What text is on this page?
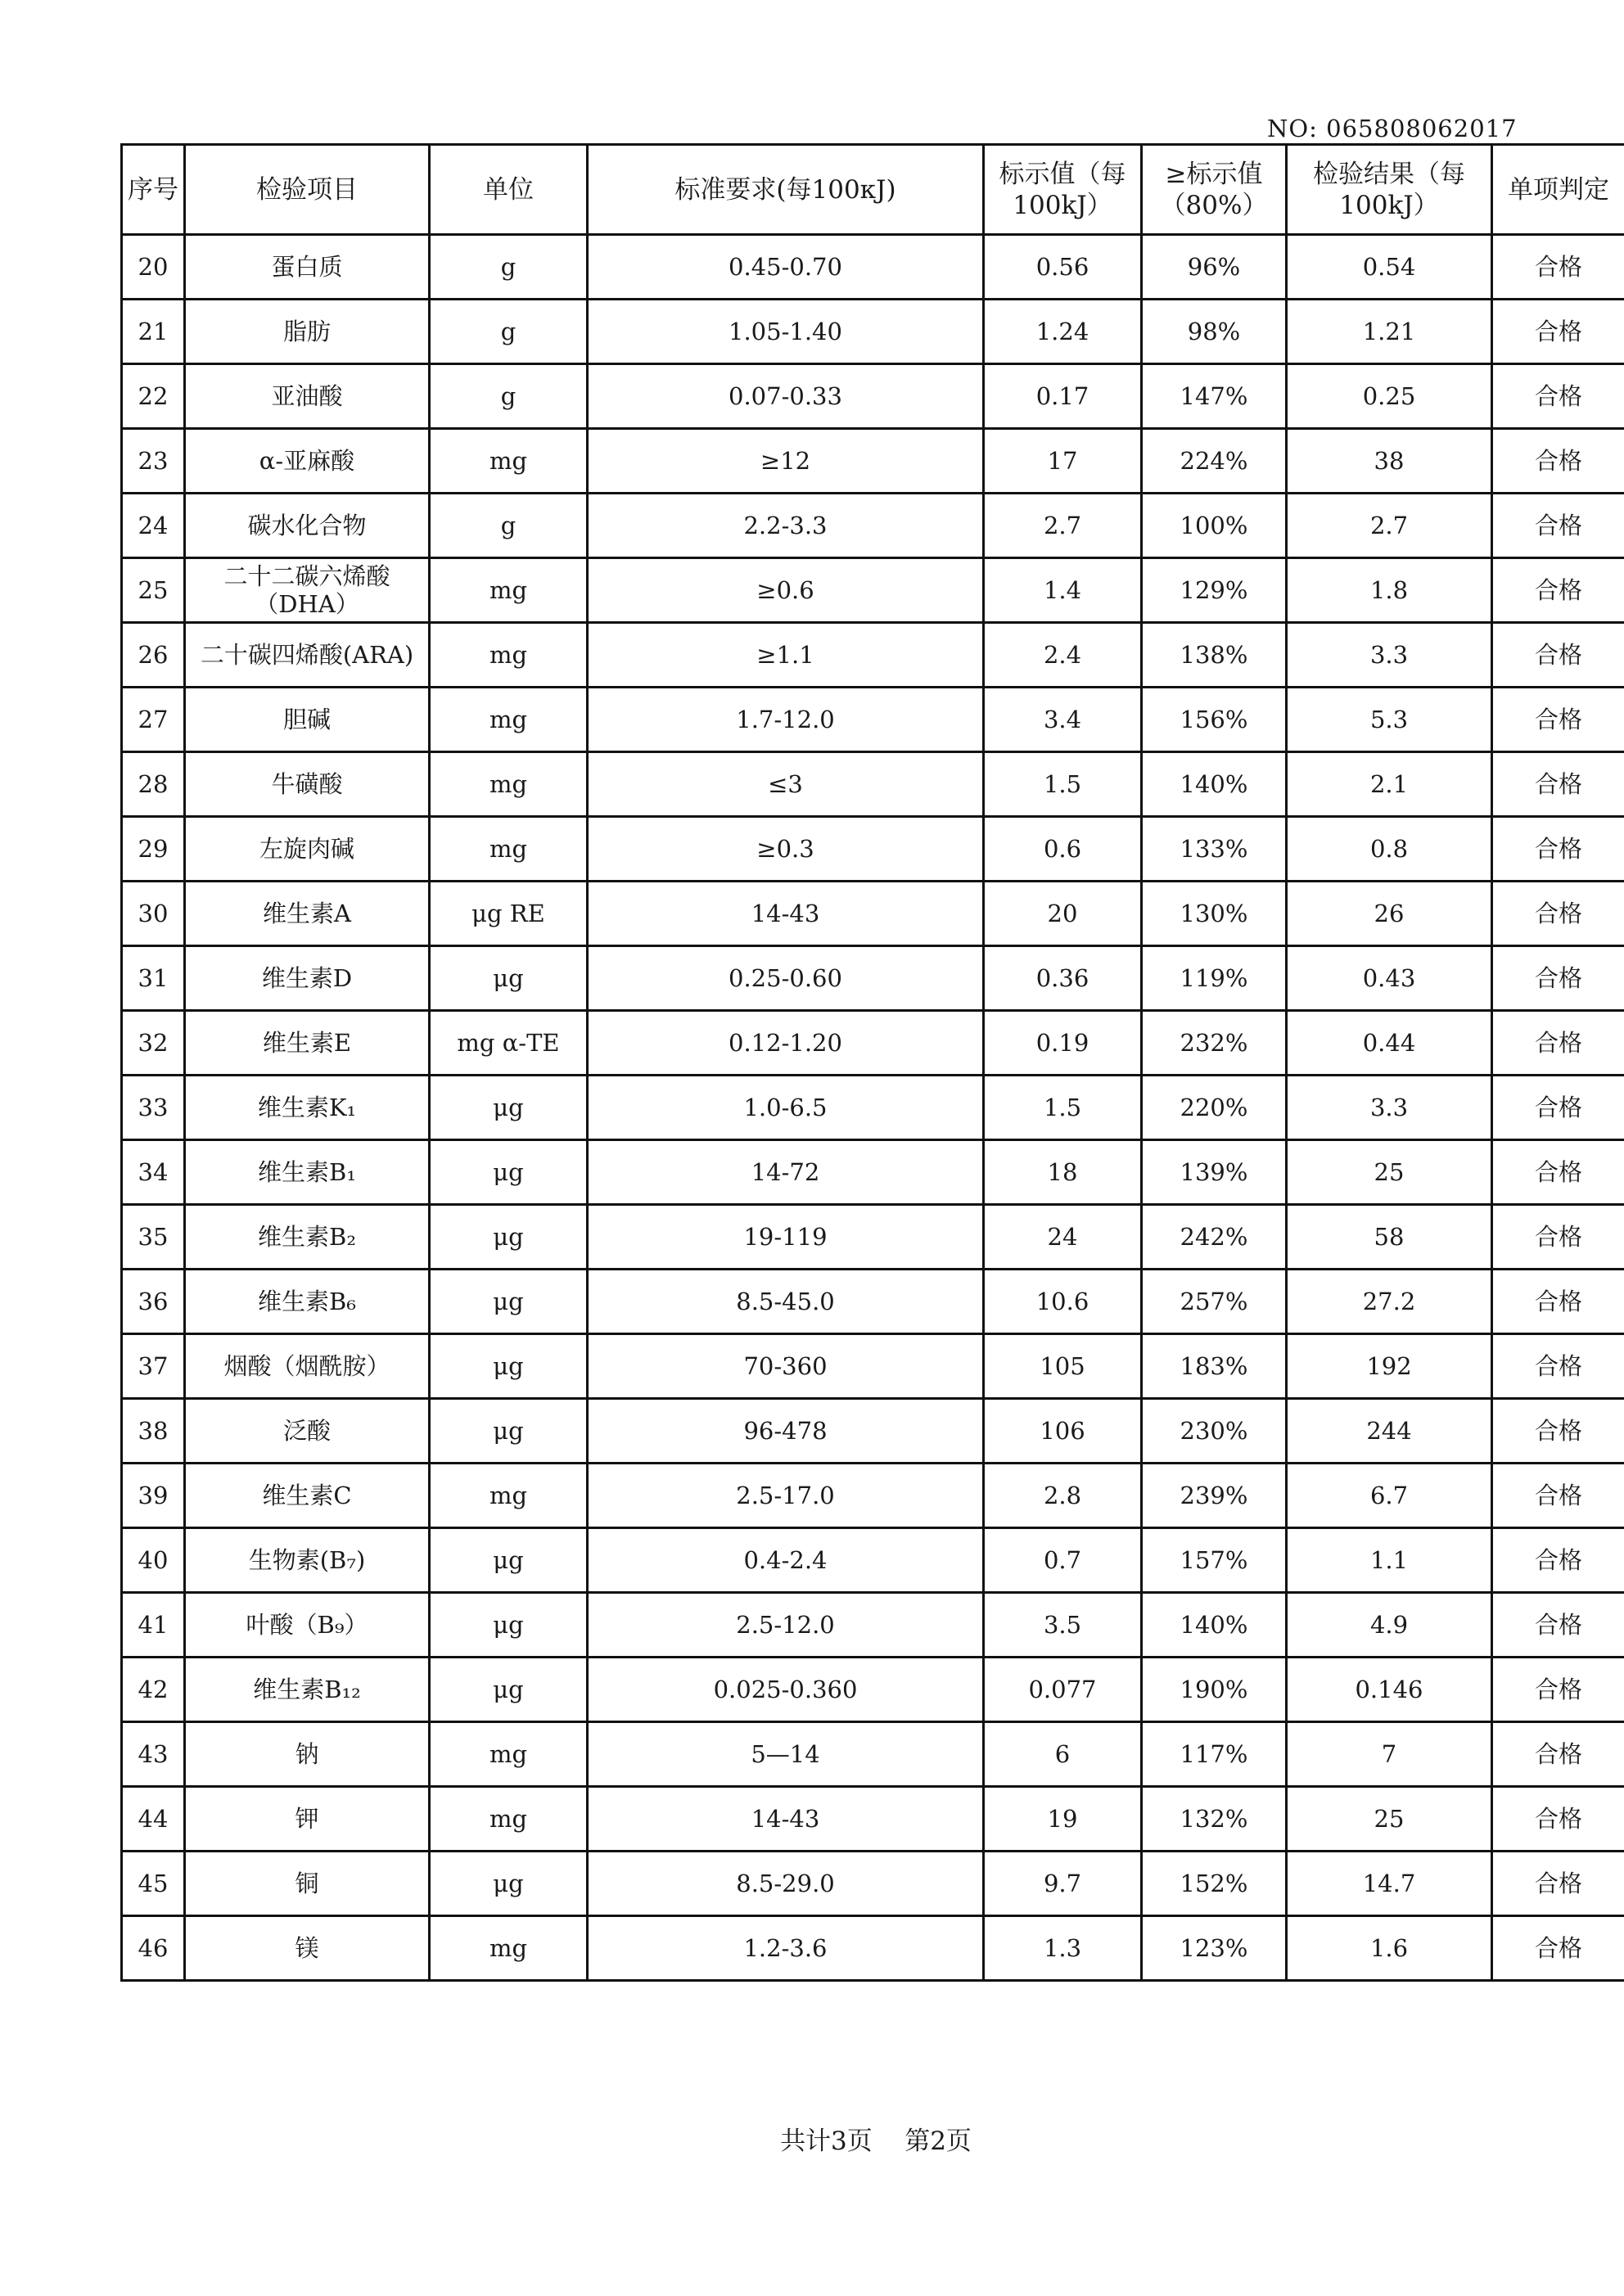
NO: 065808062017
序号	检验项目	单位	标准要求(每100κJ)	标示值（每100kJ）	≥标示值（80%）	检验结果（每100kJ）	单项判定
20	蛋白质	g	0.45-0.70	0.56	96%	0.54	合格
21	脂肪	g	1.05-1.40	1.24	98%	1.21	合格
22	亚油酸	g	0.07-0.33	0.17	147%	0.25	合格
23	α-亚麻酸	mg	≥12	17	224%	38	合格
24	碳水化合物	g	2.2-3.3	2.7	100%	2.7	合格
25	二十二碳六烯酸（DHA）	mg	≥0.6	1.4	129%	1.8	合格
26	二十碳四烯酸(ARA)	mg	≥1.1	2.4	138%	3.3	合格
27	胆碱	mg	1.7-12.0	3.4	156%	5.3	合格
28	牛磺酸	mg	≤3	1.5	140%	2.1	合格
29	左旋肉碱	mg	≥0.3	0.6	133%	0.8	合格
30	维生素A	μg RE	14-43	20	130%	26	合格
31	维生素D	μg	0.25-0.60	0.36	119%	0.43	合格
32	维生素E	mg α-TE	0.12-1.20	0.19	232%	0.44	合格
33	维生素K₁	μg	1.0-6.5	1.5	220%	3.3	合格
34	维生素B₁	μg	14-72	18	139%	25	合格
35	维生素B₂	μg	19-119	24	242%	58	合格
36	维生素B₆	μg	8.5-45.0	10.6	257%	27.2	合格
37	烟酸（烟酰胺）	μg	70-360	105	183%	192	合格
38	泛酸	μg	96-478	106	230%	244	合格
39	维生素C	mg	2.5-17.0	2.8	239%	6.7	合格
40	生物素(B₇)	μg	0.4-2.4	0.7	157%	1.1	合格
41	叶酸（B₉）	μg	2.5-12.0	3.5	140%	4.9	合格
42	维生素B₁₂	μg	0.025-0.360	0.077	190%	0.146	合格
43	钠	mg	5—14	6	117%	7	合格
44	钾	mg	14-43	19	132%	25	合格
45	铜	μg	8.5-29.0	9.7	152%	14.7	合格
46	镁	mg	1.2-3.6	1.3	123%	1.6	合格
共计3页    第2页
